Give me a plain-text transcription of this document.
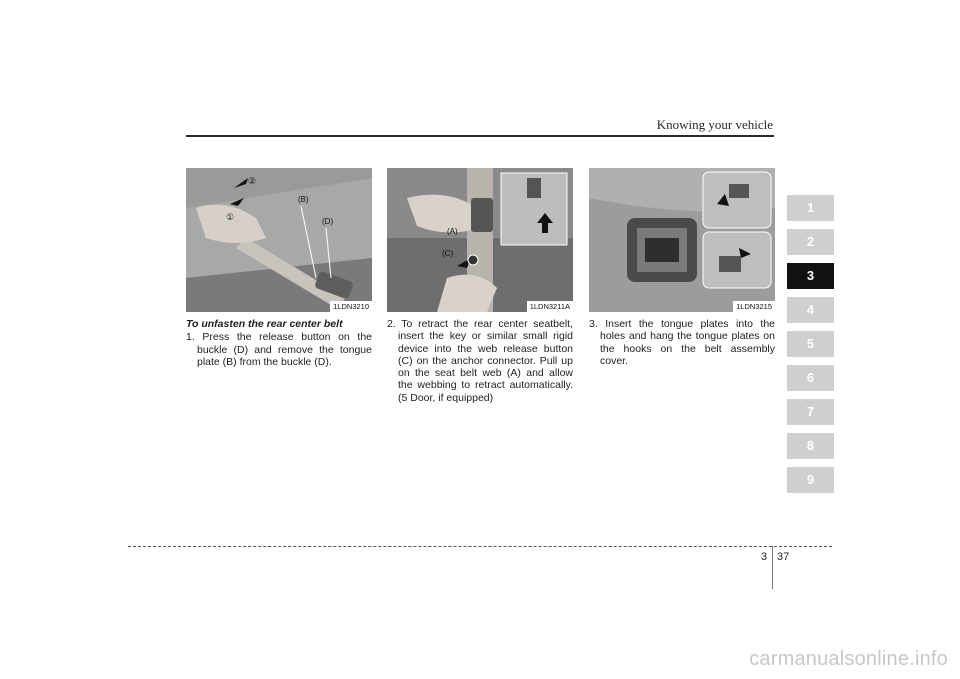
Knowing your vehicle
②
①
(B)
(D)
1LDN3210
(A)
(C)
1LDN3211A	1LDN3215
To unfasten the rear center belt
1. Press the release button on the buckle (D) and remove the tongue plate (B) from the buckle (D).
2. To retract the rear center seatbelt, insert the key or similar small rigid device into the web release button (C) on the anchor connector. Pull up on the seat belt web (A) and allow the webbing to retract automatically. (5 Door, if equipped)
3. Insert the tongue plates into the holes and hang the tongue plates on the hooks on the belt assembly cover.
1
2
3
4
5
6
7
8
9
3 37
carmanualsonline.info
